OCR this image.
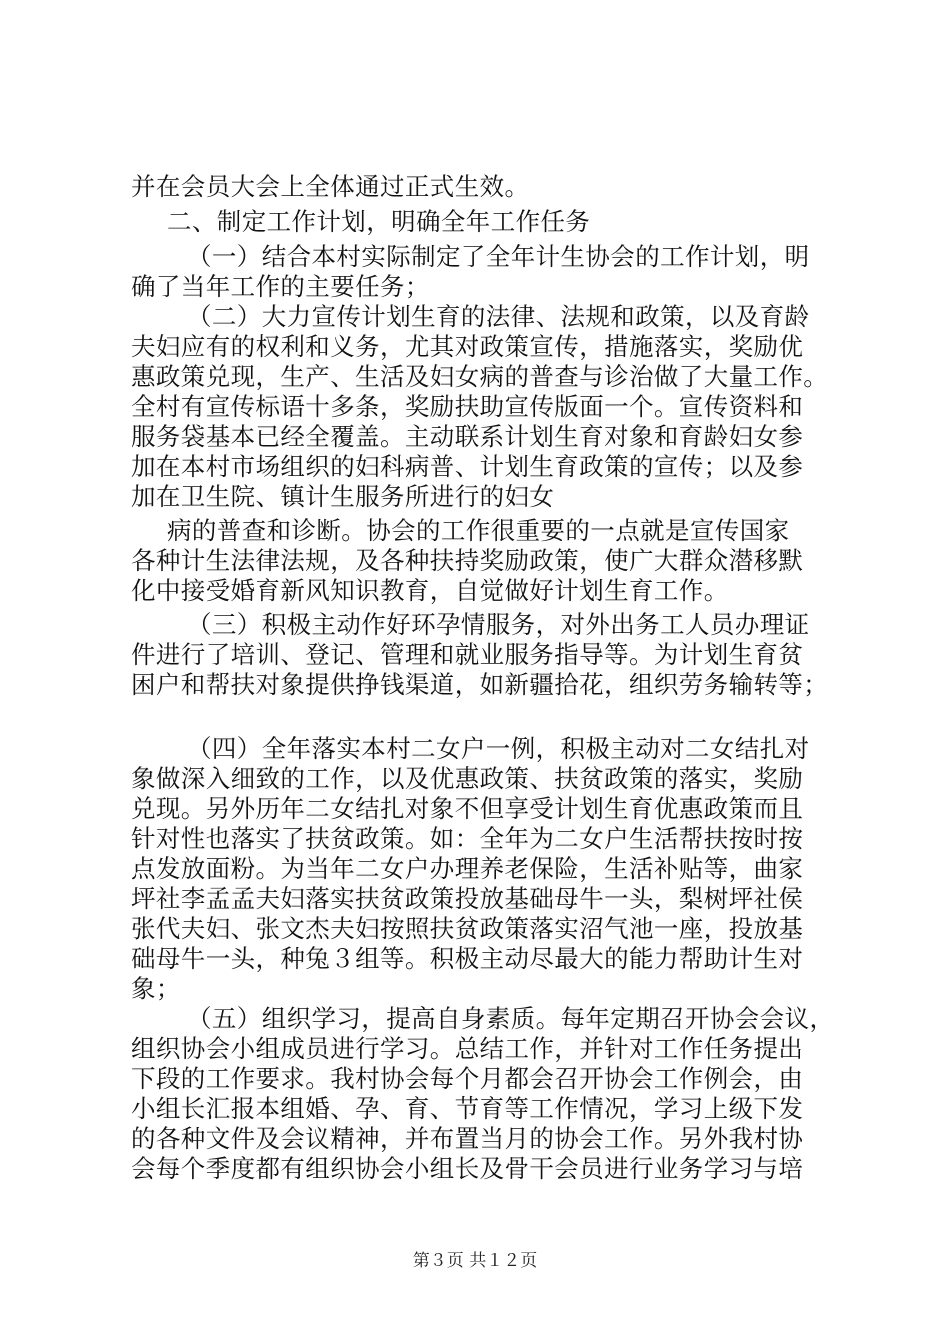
并在会员大会上全体通过正式生效。

二、制定工作计划，明确全年工作任务

（一）结合本村实际制定了全年计生协会的工作计划，明

确了当年工作的主要任务；

（二）大力宣传计划生育的法律、法规和政策，以及育龄

夫妇应有的权利和义务，尤其对政策宣传，措施落实，奖励优

惠政策兑现，生产、生活及妇女病的普查与诊治做了大量工作。

全村有宣传标语十多条，奖励扶助宣传版面一个。宣传资料和

服务袋基本已经全覆盖。主动联系计划生育对象和育龄妇女参

加在本村市场组织的妇科病普、计划生育政策的宣传；以及参

加在卫生院、镇计生服务所进行的妇女

病的普查和诊断。协会的工作很重要的一点就是宣传国家

各种计生法律法规，及各种扶持奖励政策，使广大群众潜移默

化中接受婚育新风知识教育，自觉做好计划生育工作。

（三）积极主动作好环孕情服务，对外出务工人员办理证

件进行了培训、登记、管理和就业服务指导等。为计划生育贫

困户和帮扶对象提供挣钱渠道，如新疆拾花，组织劳务输转等；

（四）全年落实本村二女户一例，积极主动对二女结扎对

象做深入细致的工作，以及优惠政策、扶贫政策的落实，奖励

兑现。另外历年二女结扎对象不但享受计划生育优惠政策而且

针对性也落实了扶贫政策。如：全年为二女户生活帮扶按时按

点发放面粉。为当年二女户办理养老保险，生活补贴等，曲家

坪社李孟孟夫妇落实扶贫政策投放基础母牛一头，梨树坪社侯

张代夫妇、张文杰夫妇按照扶贫政策落实沼气池一座，投放基

础母牛一头，种兔３组等。积极主动尽最大的能力帮助计生对

象；

（五）组织学习，提高自身素质。每年定期召开协会会议，

组织协会小组成员进行学习。总结工作，并针对工作任务提出

下段的工作要求。我村协会每个月都会召开协会工作例会，由

小组长汇报本组婚、孕、育、节育等工作情况，学习上级下发

的各种文件及会议精神，并布置当月的协会工作。另外我村协

会每个季度都有组织协会小组长及骨干会员进行业务学习与培

第３页 共１２页
